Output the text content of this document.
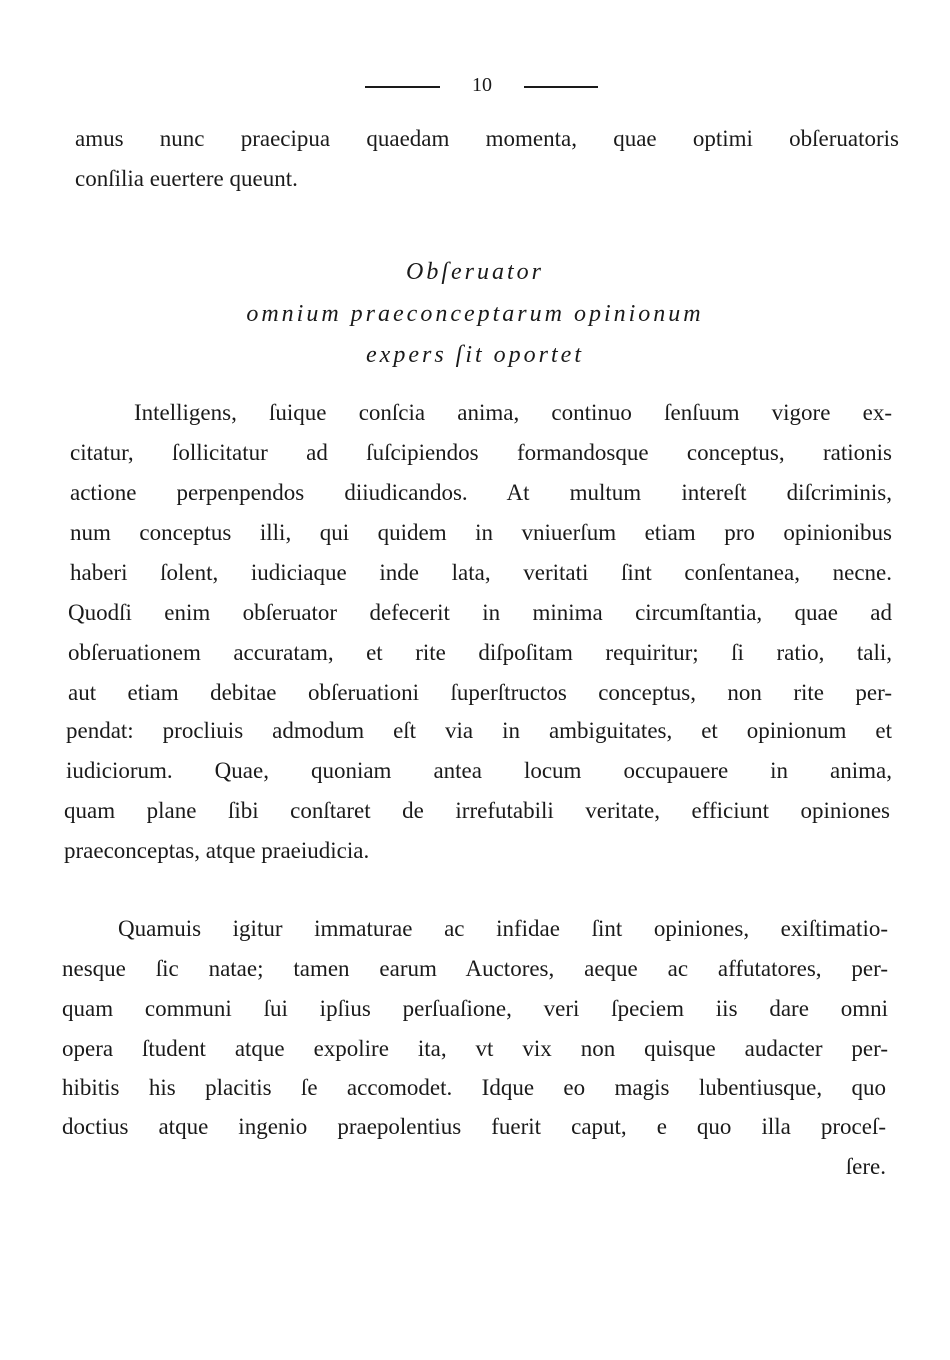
10
amus nunc praecipua quaedam momenta, quae optimi obſeruatoris
conſilia euertere queunt.
Obſeruator
omnium praeconceptarum opinionum
expers ſit oportet
Intelligens, ſuique conſcia anima, continuo ſenſuum vigore ex-
citatur, ſollicitatur ad ſuſcipiendos formandosque conceptus, rationis
actione perpenpendos diiudicandos. At multum intereſt diſcriminis,
num conceptus illi, qui quidem in vniuerſum etiam pro opinionibus
haberi ſolent, iudiciaque inde lata, veritati ſint conſentanea, necne.
Quodſi enim obſeruator defecerit in minima circumſtantia, quae ad
obſeruationem accuratam, et rite diſpoſitam requiritur; ſi ratio, tali,
aut etiam debitae obſeruationi ſuperſtructos conceptus, non rite per-
pendat: procliuis admodum eſt via in ambiguitates, et opinionum et
iudiciorum. Quae, quoniam antea locum occupauere in anima,
quam plane ſibi conſtaret de irrefutabili veritate, efficiunt opiniones
praeconceptas, atque praeiudicia.
Quamuis igitur immaturae ac infidae ſint opiniones, exiſtimatio-
nesque ſic natae; tamen earum Auctores, aeque ac affutatores, per-
quam communi ſui ipſius perſuaſione, veri ſpeciem iis dare omni
opera ſtudent atque expolire ita, vt vix non quisque audacter per-
hibitis his placitis ſe accomodet. Idque eo magis lubentiusque, quo
doctius atque ingenio praepolentius fuerit caput, e quo illa proceſ-
ſere.
